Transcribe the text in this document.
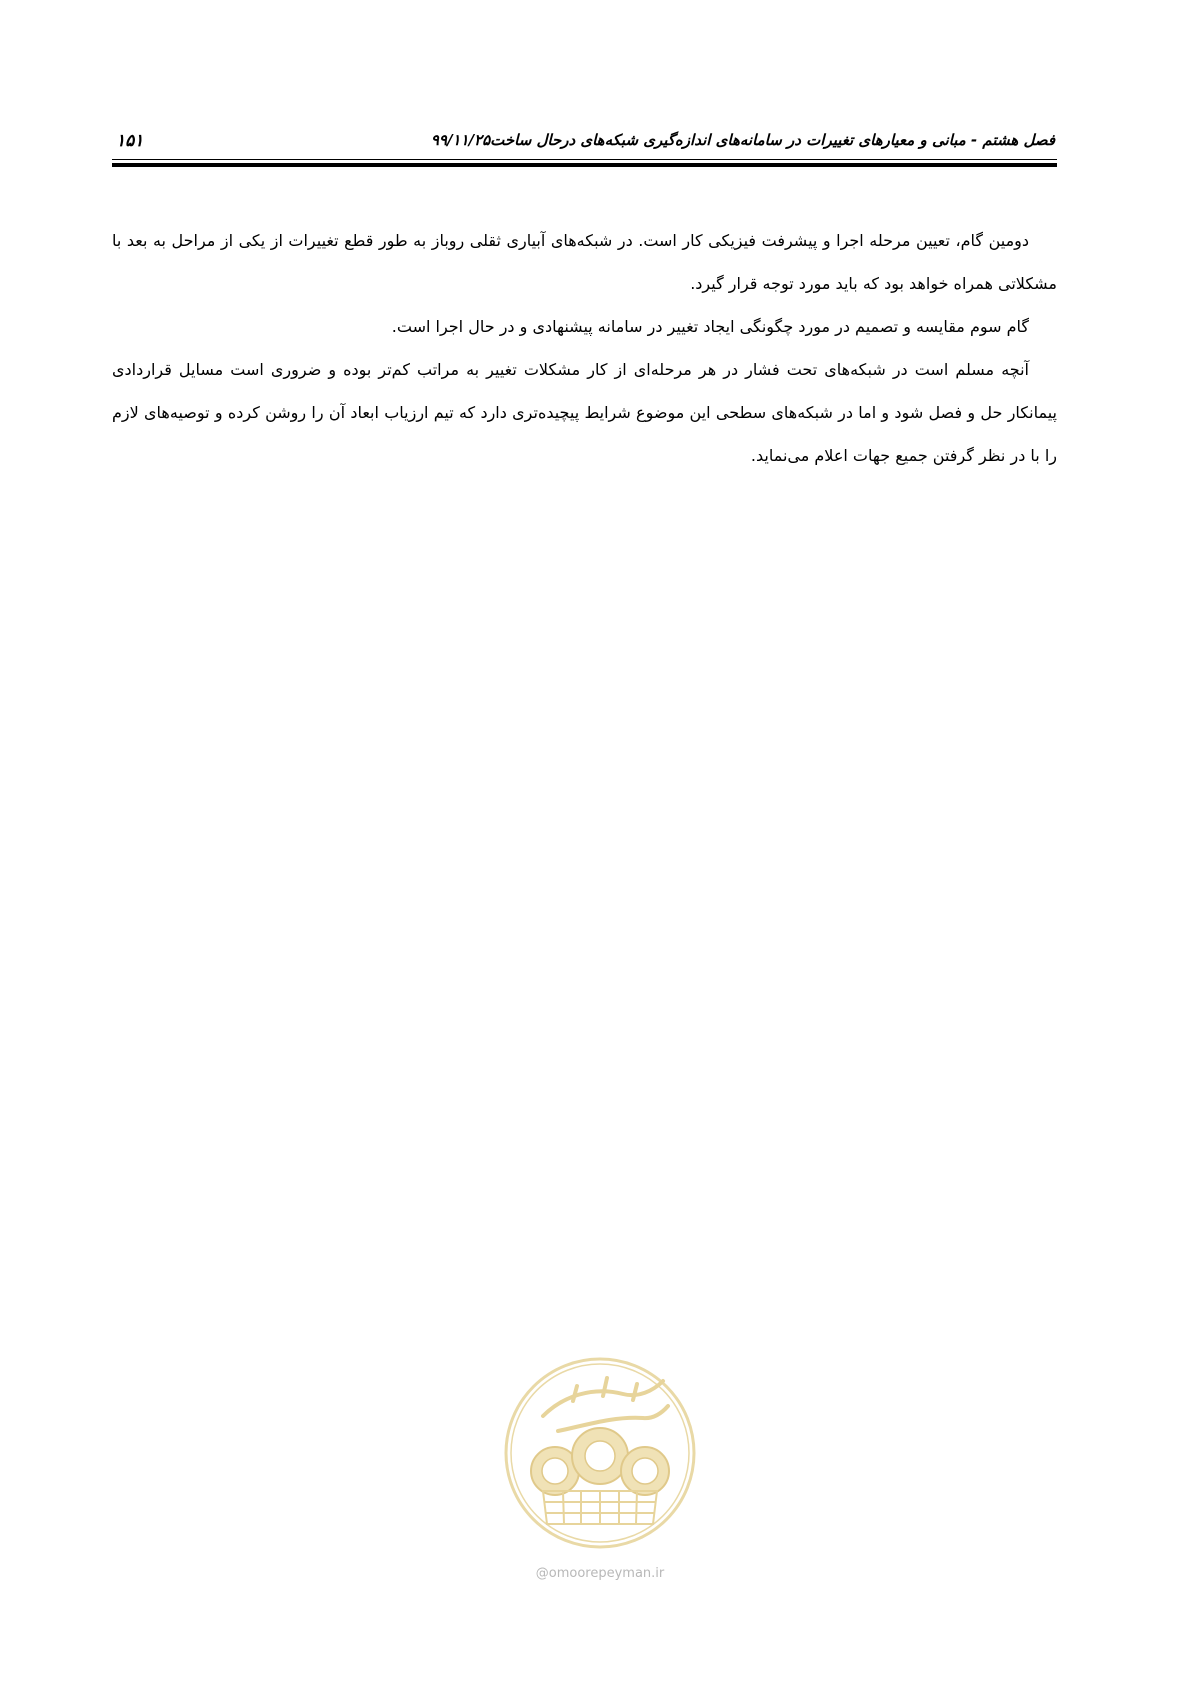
۱۵۱	فصل هشتم - مبانی و معیارهای تغییرات در سامانه‌های اندازه‌گیری شبکه‌های درحال ساخت۹۹/۱۱/۲۵

دومین گام، تعیین مرحله اجرا و پیشرفت فیزیکی کار است. در شبکه‌های آبیاری ثقلی روباز به طور قطع تغییرات از یکی از مراحل به بعد با مشکلاتی همراه خواهد بود که باید مورد توجه قرار گیرد.

گام سوم مقایسه و تصمیم در مورد چگونگی ایجاد تغییر در سامانه پیشنهادی و در حال اجرا است.

آنچه مسلم است در شبکه‌های تحت فشار در هر مرحله‌ای از کار مشکلات تغییر به مراتب کم‌تر بوده و ضروری است مسایل قراردادی پیمانکار حل و فصل شود و اما در شبکه‌های سطحی این موضوع شرایط پیچیده‌تری دارد که تیم ارزیاب ابعاد آن را روشن کرده و توصیه‌های لازم را با در نظر گرفتن جمیع جهات اعلام می‌نماید.

@omoorepeyman.ir
